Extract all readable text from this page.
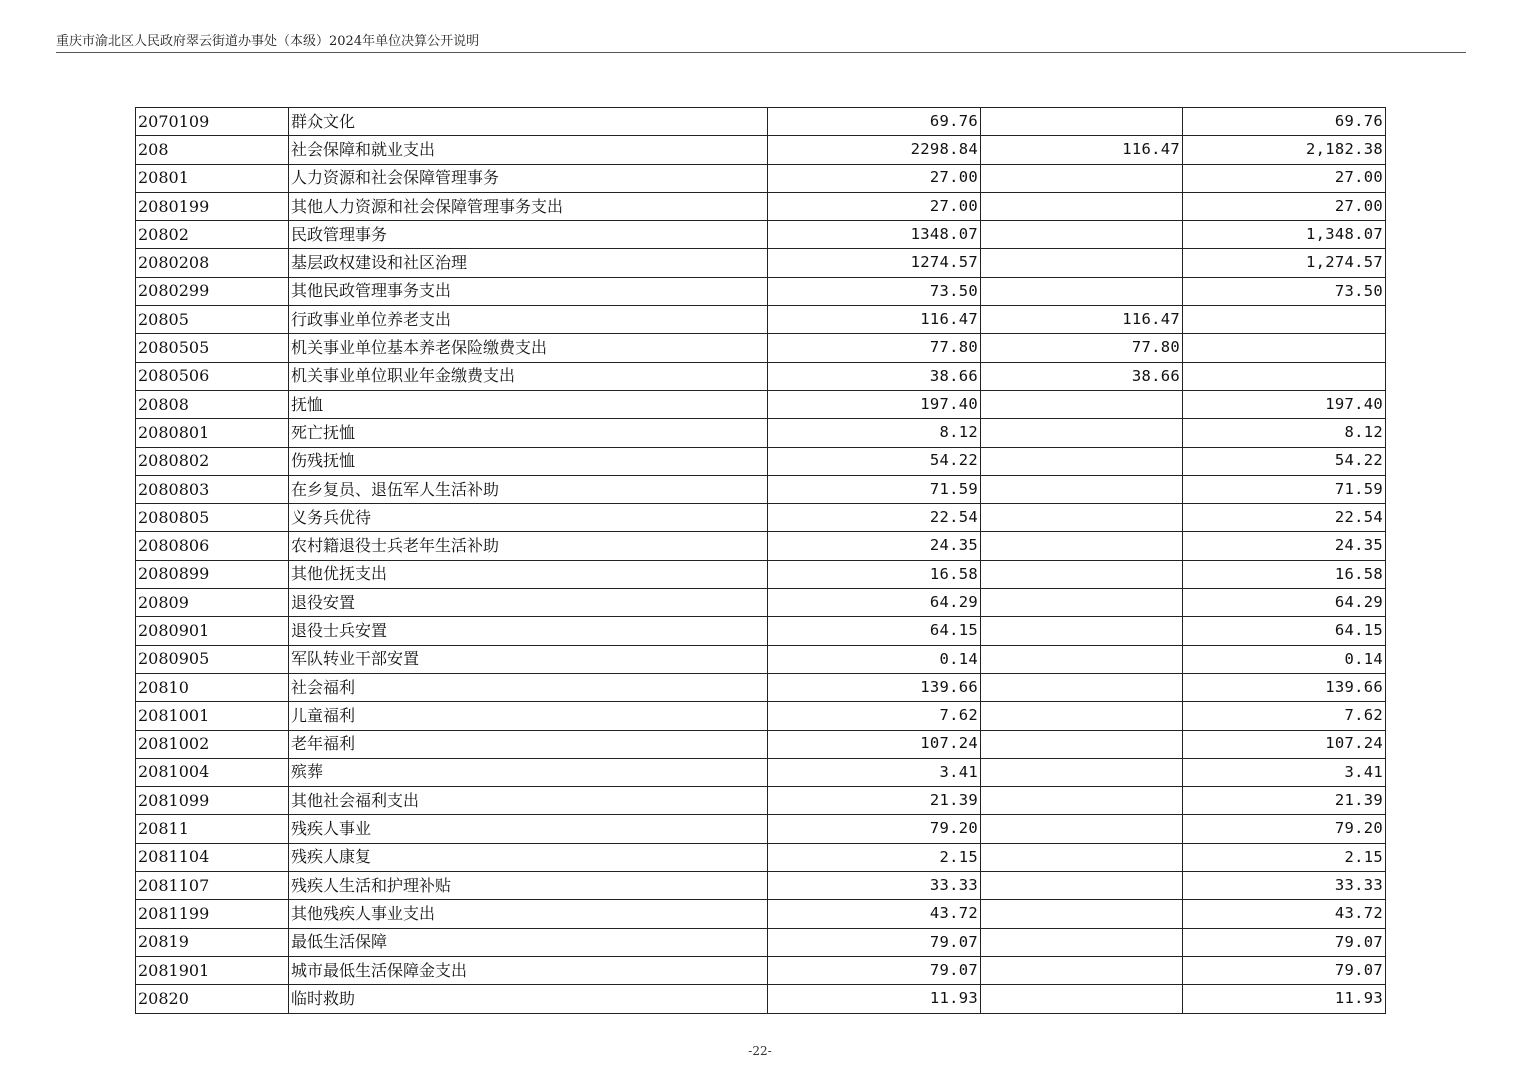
重庆市渝北区人民政府翠云街道办事处（本级）2024年单位决算公开说明
2070109	群众文化	69.76		69.76
208	社会保障和就业支出	2298.84	116.47	2,182.38
20801	人力资源和社会保障管理事务	27.00		27.00
2080199	其他人力资源和社会保障管理事务支出	27.00		27.00
20802	民政管理事务	1348.07		1,348.07
2080208	基层政权建设和社区治理	1274.57		1,274.57
2080299	其他民政管理事务支出	73.50		73.50
20805	行政事业单位养老支出	116.47	116.47	
2080505	机关事业单位基本养老保险缴费支出	77.80	77.80	
2080506	机关事业单位职业年金缴费支出	38.66	38.66	
20808	抚恤	197.40		197.40
2080801	死亡抚恤	8.12		8.12
2080802	伤残抚恤	54.22		54.22
2080803	在乡复员、退伍军人生活补助	71.59		71.59
2080805	义务兵优待	22.54		22.54
2080806	农村籍退役士兵老年生活补助	24.35		24.35
2080899	其他优抚支出	16.58		16.58
20809	退役安置	64.29		64.29
2080901	退役士兵安置	64.15		64.15
2080905	军队转业干部安置	0.14		0.14
20810	社会福利	139.66		139.66
2081001	儿童福利	7.62		7.62
2081002	老年福利	107.24		107.24
2081004	殡葬	3.41		3.41
2081099	其他社会福利支出	21.39		21.39
20811	残疾人事业	79.20		79.20
2081104	残疾人康复	2.15		2.15
2081107	残疾人生活和护理补贴	33.33		33.33
2081199	其他残疾人事业支出	43.72		43.72
20819	最低生活保障	79.07		79.07
2081901	城市最低生活保障金支出	79.07		79.07
20820	临时救助	11.93		11.93
-22-
